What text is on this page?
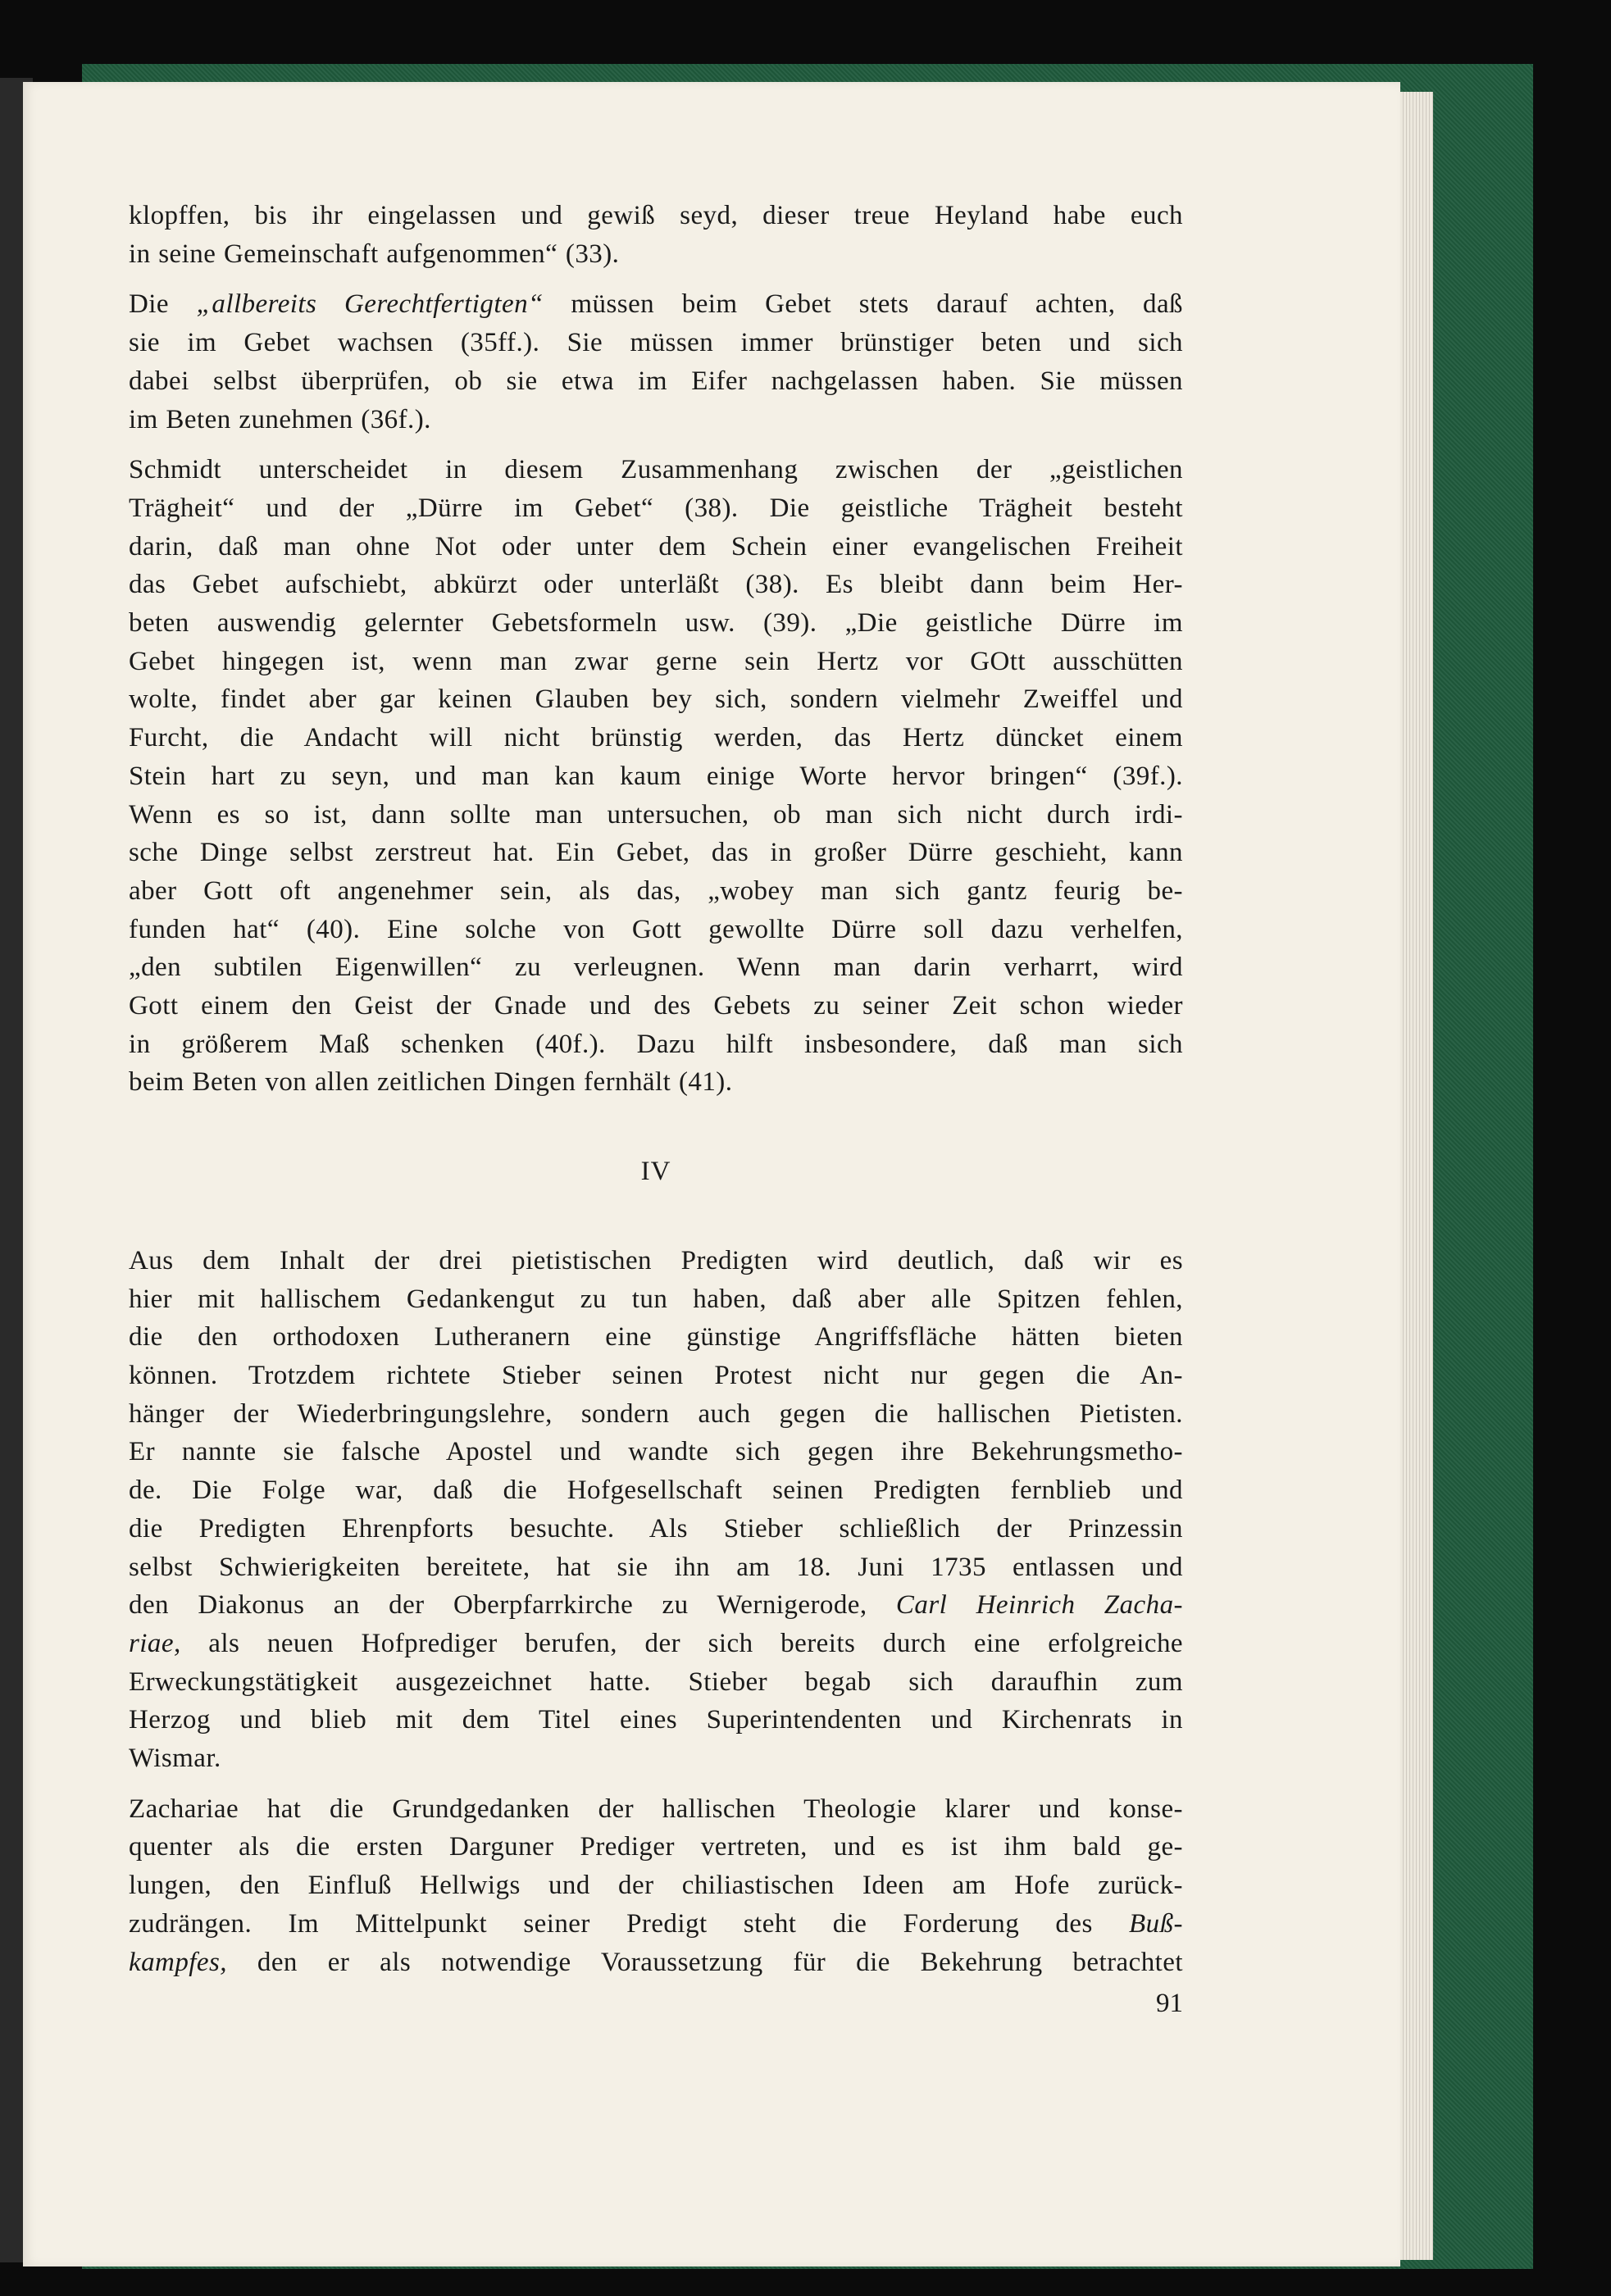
klopffen, bis ihr eingelassen und gewiß seyd, dieser treue Heyland habe euch
in seine Gemeinschaft aufgenommen“ (33).

Die „allbereits Gerechtfertigten“ müssen beim Gebet stets darauf achten, daß
sie im Gebet wachsen (35ff.). Sie müssen immer brünstiger beten und sich
dabei selbst überprüfen, ob sie etwa im Eifer nachgelassen haben. Sie müssen
im Beten zunehmen (36f.).

Schmidt unterscheidet in diesem Zusammenhang zwischen der „geistlichen
Trägheit“ und der „Dürre im Gebet“ (38). Die geistliche Trägheit besteht
darin, daß man ohne Not oder unter dem Schein einer evangelischen Freiheit
das Gebet aufschiebt, abkürzt oder unterläßt (38). Es bleibt dann beim Her-
beten auswendig gelernter Gebetsformeln usw. (39). „Die geistliche Dürre im
Gebet hingegen ist, wenn man zwar gerne sein Hertz vor GOtt ausschütten
wolte, findet aber gar keinen Glauben bey sich, sondern vielmehr Zweiffel und
Furcht, die Andacht will nicht brünstig werden, das Hertz düncket einem
Stein hart zu seyn, und man kan kaum einige Worte hervor bringen“ (39f.).
Wenn es so ist, dann sollte man untersuchen, ob man sich nicht durch irdi-
sche Dinge selbst zerstreut hat. Ein Gebet, das in großer Dürre geschieht, kann
aber Gott oft angenehmer sein, als das, „wobey man sich gantz feurig be-
funden hat“ (40). Eine solche von Gott gewollte Dürre soll dazu verhelfen,
„den subtilen Eigenwillen“ zu verleugnen. Wenn man darin verharrt, wird
Gott einem den Geist der Gnade und des Gebets zu seiner Zeit schon wieder
in größerem Maß schenken (40f.). Dazu hilft insbesondere, daß man sich
beim Beten von allen zeitlichen Dingen fernhält (41).

IV

Aus dem Inhalt der drei pietistischen Predigten wird deutlich, daß wir es
hier mit hallischem Gedankengut zu tun haben, daß aber alle Spitzen fehlen,
die den orthodoxen Lutheranern eine günstige Angriffsfläche hätten bieten
können. Trotzdem richtete Stieber seinen Protest nicht nur gegen die An-
hänger der Wiederbringungslehre, sondern auch gegen die hallischen Pietisten.
Er nannte sie falsche Apostel und wandte sich gegen ihre Bekehrungsmetho-
de. Die Folge war, daß die Hofgesellschaft seinen Predigten fernblieb und
die Predigten Ehrenpforts besuchte. Als Stieber schließlich der Prinzessin
selbst Schwierigkeiten bereitete, hat sie ihn am 18. Juni 1735 entlassen und
den Diakonus an der Oberpfarrkirche zu Wernigerode, Carl Heinrich Zacha-
riae, als neuen Hofprediger berufen, der sich bereits durch eine erfolgreiche
Erweckungstätigkeit ausgezeichnet hatte. Stieber begab sich daraufhin zum
Herzog und blieb mit dem Titel eines Superintendenten und Kirchenrats in
Wismar.

Zachariae hat die Grundgedanken der hallischen Theologie klarer und konse-
quenter als die ersten Darguner Prediger vertreten, und es ist ihm bald ge-
lungen, den Einfluß Hellwigs und der chiliastischen Ideen am Hofe zurück-
zudrängen. Im Mittelpunkt seiner Predigt steht die Forderung des Buß-
kampfes, den er als notwendige Voraussetzung für die Bekehrung betrachtet

91
